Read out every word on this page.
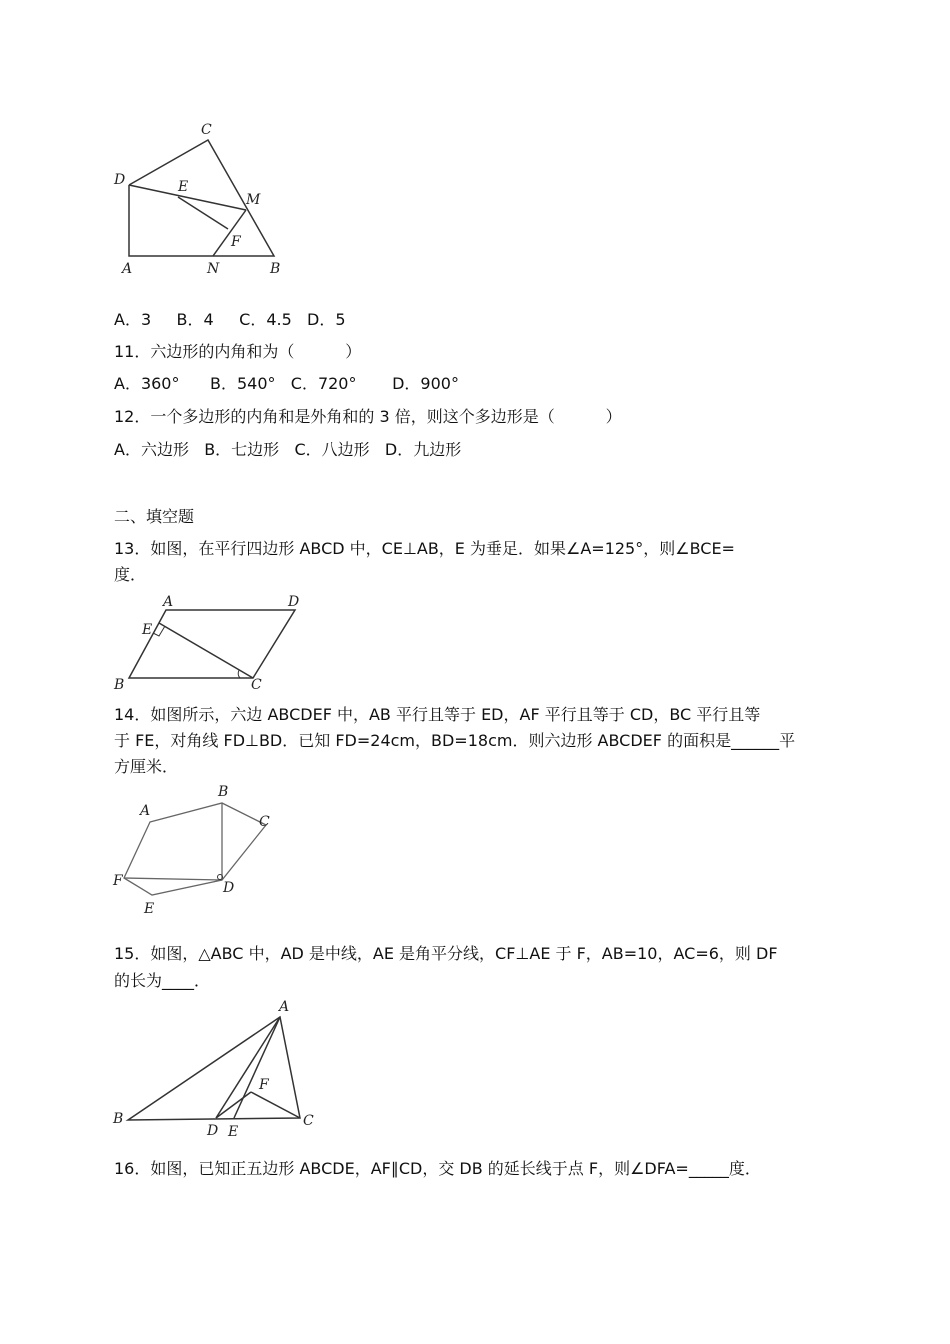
C
D	E
M
F
A	N	B
A．3     B．4     C．4.5   D．5
11．六边形的内角和为（          ）
A．360°      B．540°   C．720°       D．900°
12．一个多边形的内角和是外角和的 3 倍，则这个多边形是（          ）
A．六边形   B．七边形   C．八边形   D．九边形
二、填空题
13．如图，在平行四边形 ABCD 中，CE⊥AB，E 为垂足．如果∠A=125°，则∠BCE=
度．
A	D
E
B	C
14．如图所示，六边 ABCDEF 中，AB 平行且等于 ED，AF 平行且等于 CD，BC 平行且等
于 FE，对角线 FD⊥BD．已知 FD=24cm，BD=18cm．则六边形 ABCDEF 的面积是______平
方厘米．
B
A
C
F	D
E
15．如图，△ABC 中，AD 是中线，AE 是角平分线，CF⊥AE 于 F，AB=10，AC=6，则 DF
的长为____．
A
F
B
D E
C
16．如图，已知正五边形 ABCDE，AF∥CD，交 DB 的延长线于点 F，则∠DFA=_____度．
